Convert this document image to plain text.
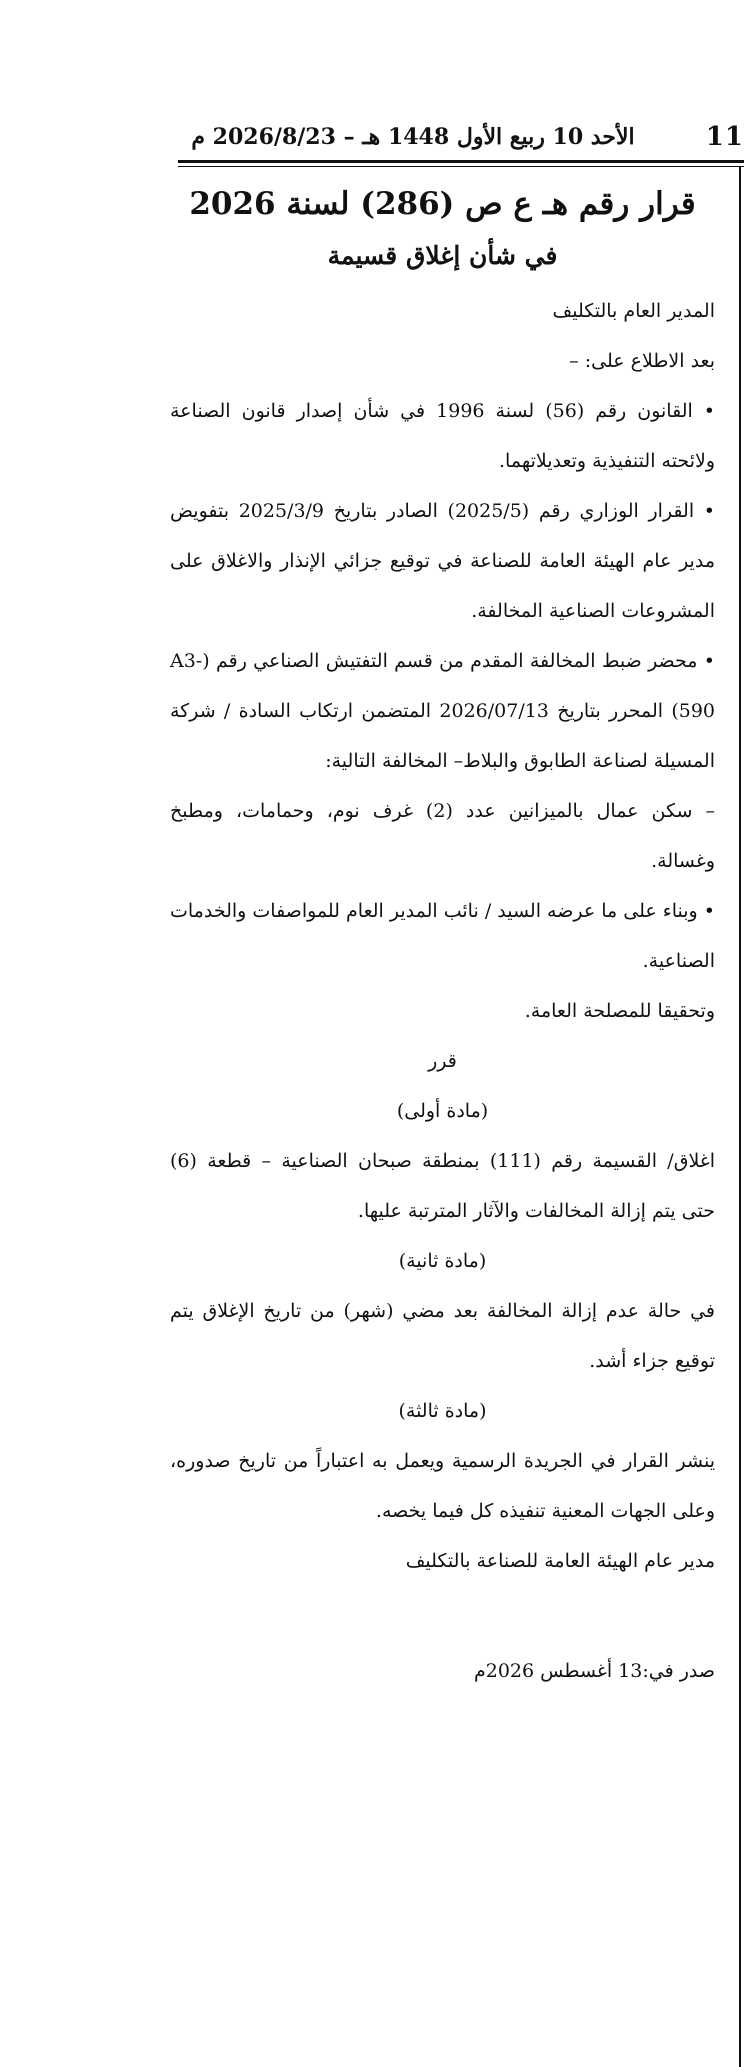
11
الأحد 10 ربيع الأول 1448 هـ – 2026/8/23 م
قرار رقم هـ ع ص (286) لسنة 2026
في شأن إغلاق قسيمة

المدير العام بالتكليف

بعد الاطلاع على: –

• القانون رقم (56) لسنة 1996 في شأن إصدار قانون الصناعة ولائحته التنفيذية وتعديلاتهما.

• القرار الوزاري رقم (2025/5) الصادر بتاريخ 2025/3/9 بتفويض مدير عام الهيئة العامة للصناعة في توقيع جزائي الإنذار والاغلاق على المشروعات الصناعية المخالفة.

• محضر ضبط المخالفة المقدم من قسم التفتيش الصناعي رقم (A3-590) المحرر بتاريخ 2026/07/13 المتضمن ارتكاب السادة / شركة المسيلة لصناعة الطابوق والبلاط– المخالفة التالية:

– سكن عمال بالميزانين عدد (2) غرف نوم، وحمامات، ومطبخ وغسالة.

• وبناء على ما عرضه السيد / نائب المدير العام للمواصفات والخدمات الصناعية.

وتحقيقا للمصلحة العامة.

قرر

(مادة أولى)

اغلاق/ القسيمة رقم (111) بمنطقة صبحان الصناعية – قطعة (6) حتى يتم إزالة المخالفات والآثار المترتبة عليها.

(مادة ثانية)

في حالة عدم إزالة المخالفة بعد مضي (شهر) من تاريخ الإغلاق يتم توقيع جزاء أشد.

(مادة ثالثة)

ينشر القرار في الجريدة الرسمية ويعمل به اعتباراً من تاريخ صدوره، وعلى الجهات المعنية تنفيذه كل فيما يخصه.

مدير عام الهيئة العامة للصناعة بالتكليف

صدر في:13 أغسطس 2026م
